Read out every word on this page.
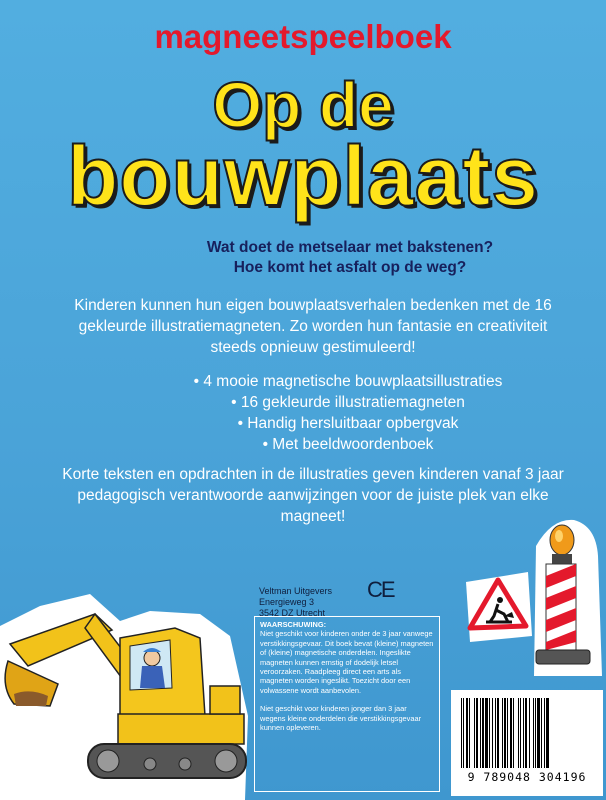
magneetspeelboek
Op de
bouwplaats
Wat doet de metselaar met bakstenen?
Hoe komt het asfalt op de weg?
Kinderen kunnen hun eigen bouwplaatsverhalen bedenken met de 16 gekleurde illustratiemagneten. Zo worden hun fantasie en creativiteit steeds opnieuw gestimuleerd!
• 4 mooie magnetische bouwplaatsillustraties
• 16 gekleurde illustratiemagneten
• Handig hersluitbaar opbergvak
• Met beeldwoordenboek
Korte teksten en opdrachten in de illustraties geven kinderen vanaf 3 jaar pedagogisch verantwoorde aanwijzingen voor de juiste plek van elke magneet!
Veltman Uitgevers
Energieweg 3
3542 DZ Utrecht
CE
WAARSCHUWING:
Niet geschikt voor kinderen onder de 3 jaar vanwege verstikkingsgevaar. Dit boek bevat (kleine) magneten of (kleine) magnetische onderdelen. Ingeslikte magneten kunnen ernstig of dodelijk letsel veroorzaken. Raadpleeg direct een arts als magneten worden ingeslikt. Toezicht door een volwassene wordt aanbevolen.
Niet geschikt voor kinderen jonger dan 3 jaar wegens kleine onderdelen die verstikkingsgevaar kunnen opleveren.
9 789048 304196
